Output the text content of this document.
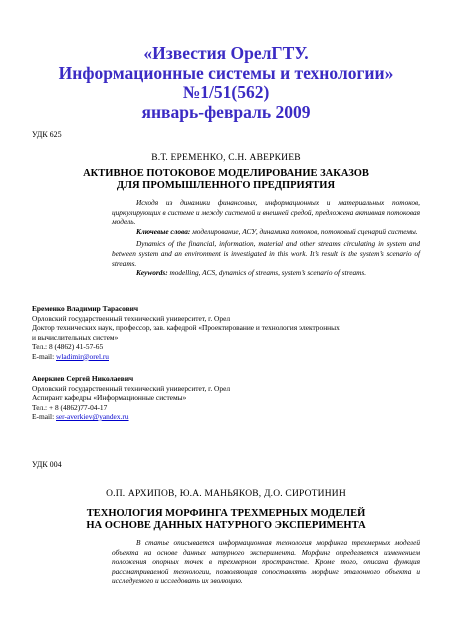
«Известия ОрелГТУ.
Информационные системы и технологии»
№1/51(562)
январь-февраль 2009
УДК 625
В.Т. ЕРЕМЕНКО, С.Н. АВЕРКИЕВ
АКТИВНОЕ ПОТОКОВОЕ МОДЕЛИРОВАНИЕ ЗАКАЗОВ
ДЛЯ ПРОМЫШЛЕННОГО ПРЕДПРИЯТИЯ

Исходя из динамики финансовых, информационных и материальных потоков, циркулирующих в системе и между системой и внешней средой, предложена активная потоковая модель.

Ключевые слова: моделирование, АСУ, динамика потоков, потоковый сценарий системы.

Dynamics of the financial, information, material and other streams circulating in system and between system and an environment is investigated in this work. It’s result is the system’s scenario of streams.

Keywords: modelling, ACS, dynamics of streams, system’s scenario of streams.

Еременко Владимир Тарасович
Орловский государственный технический университет, г. Орел
Доктор технических наук, профессор, зав. кафедрой «Проектирование и технология электронных
и вычислительных систем»
Тел.: 8 (4862) 41-57-65
E-mail: wladimir@orel.ru
Аверкиев Сергей Николаевич
Орловский государственный технический университет, г. Орел
Аспирант кафедры «Информационные системы»
Тел.: + 8 (4862)77-04-17
E-mail: ser-averkiev@yandex.ru
УДК 004
О.П. АРХИПОВ, Ю.А. МАНЬЯКОВ, Д.О. СИРОТИНИН
ТЕХНОЛОГИЯ МОРФИНГА ТРЕХМЕРНЫХ МОДЕЛЕЙ
НА ОСНОВЕ ДАННЫХ НАТУРНОГО ЭКСПЕРИМЕНТА

В статье описывается информационная технология морфинга трехмерных моделей объекта на основе данных натурного эксперимента. Морфинг определяется изменением положения опорных точек в трехмерном пространстве. Кроме того, описана функция рассматриваемой технологии, позволяющая сопоставлять морфинг эталонного объекта и исследуемого и исследовать их эволюцию.
